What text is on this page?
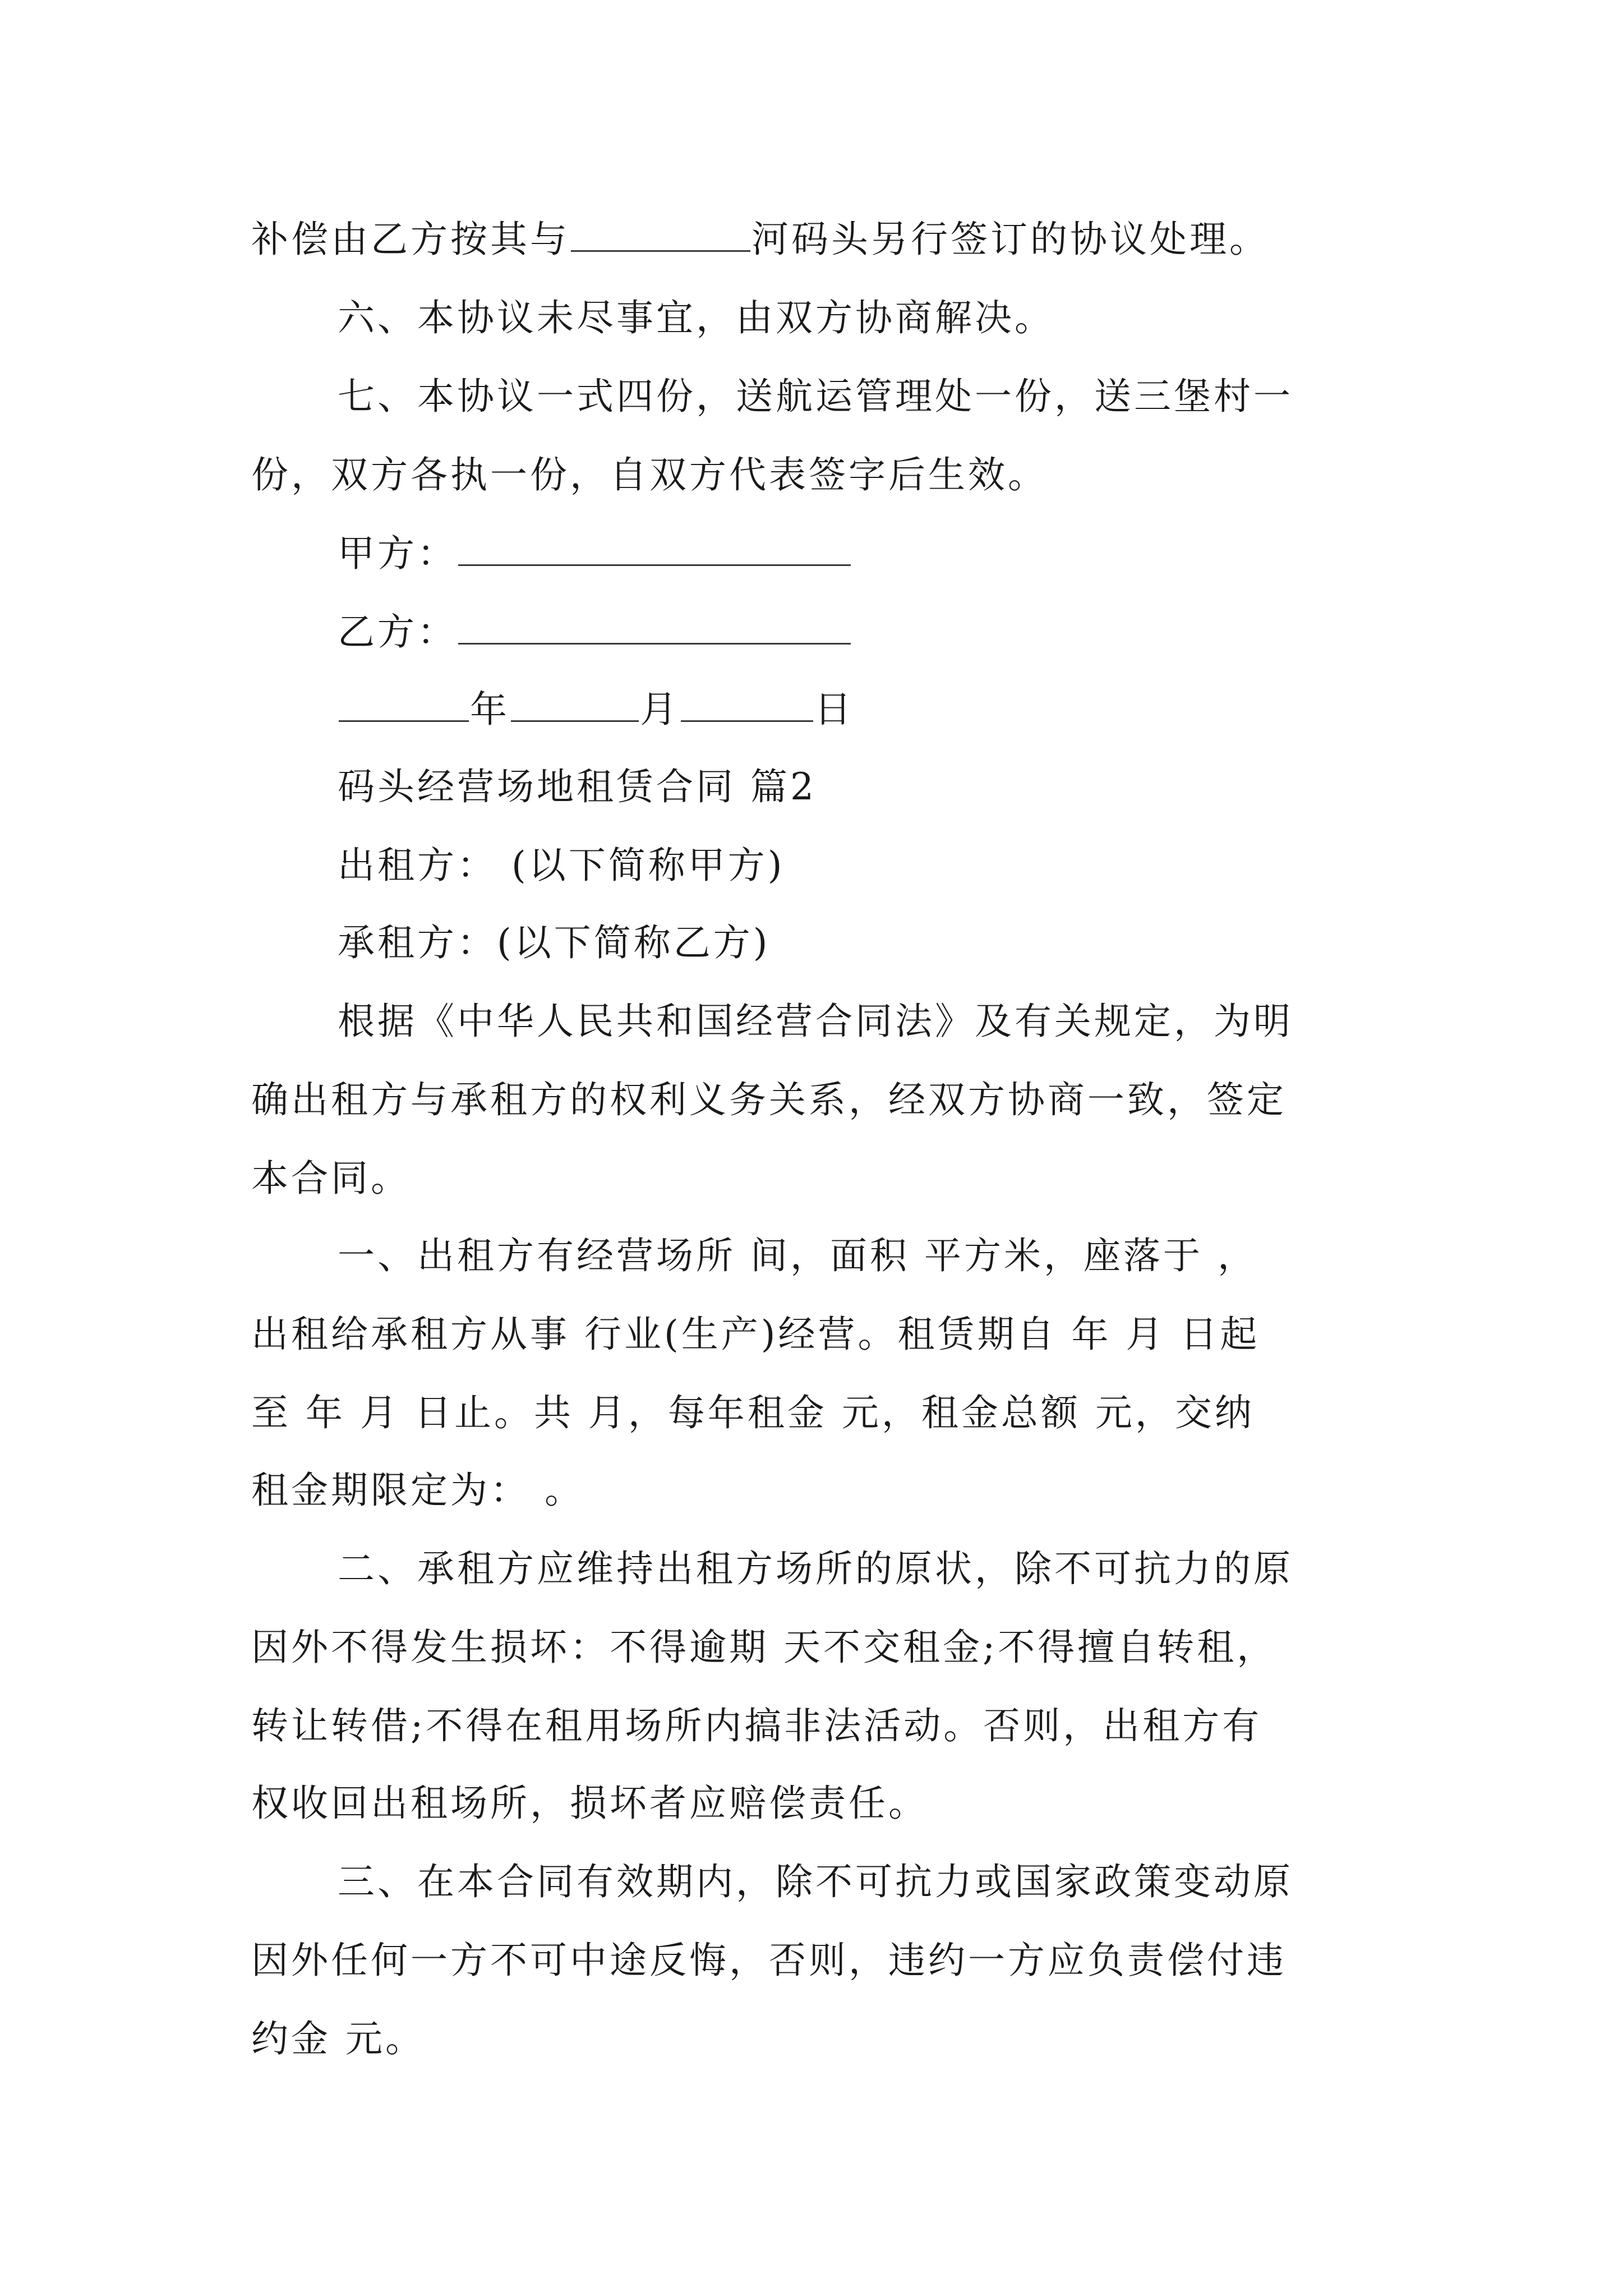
补偿由乙方按其与	河码头另行签订的协议处理。
六、本协议未尽事宜，由双方协商解决。
七、本协议一式四份，送航运管理处一份，送三堡村一
份，双方各执一份，自双方代表签字后生效。
甲方：
乙方：
年	月	日
码头经营场地租赁合同 篇2
出租方： (以下简称甲方)
承租方：(以下简称乙方)
根据《中华人民共和国经营合同法》及有关规定，为明
确出租方与承租方的权利义务关系，经双方协商一致，签定
本合同。
一、出租方有经营场所 间，面积 平方米，座落于 ，
出租给承租方从事 行业(生产)经营。租赁期自 年 月 日起
至 年 月 日止。共 月，每年租金 元，租金总额 元，交纳
租金期限定为： 。
二、承租方应维持出租方场所的原状，除不可抗力的原
因外不得发生损坏：不得逾期 天不交租金;不得擅自转租，
转让转借;不得在租用场所内搞非法活动。否则，出租方有
权收回出租场所，损坏者应赔偿责任。
三、在本合同有效期内，除不可抗力或国家政策变动原
因外任何一方不可中途反悔，否则，违约一方应负责偿付违
约金 元。
